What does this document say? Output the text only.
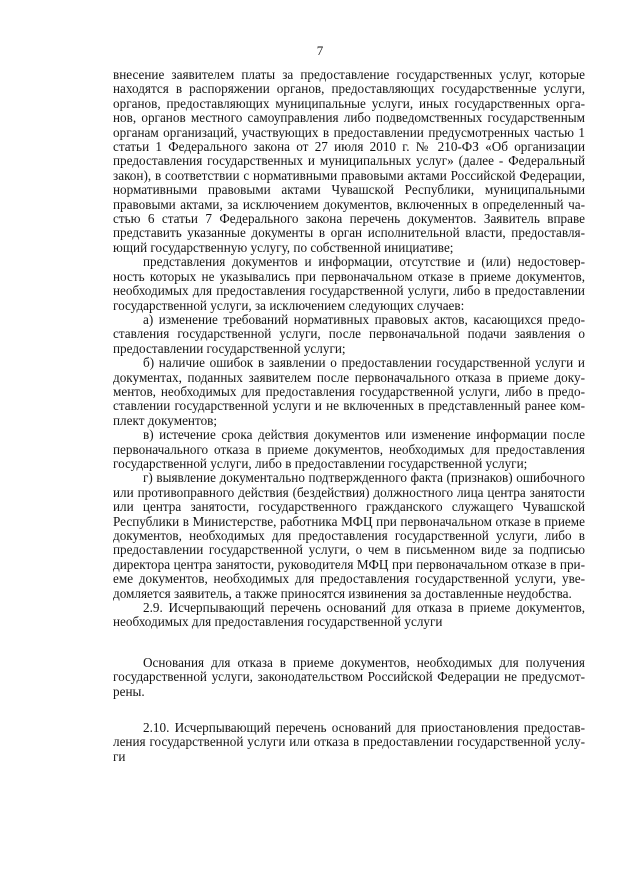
7

внесение заявителем платы за предоставление государственных услуг, которые находятся в распоряжении органов, предоставляющих государственные услуги, органов, предоставляющих муниципальные услуги, иных государственных органов, органов местного самоуправления либо подведомственных государственным органам организаций, участвующих в предоставлении предусмотренных частью 1 статьи 1 Федерального закона от 27 июля 2010 г. № 210-ФЗ «Об организации предоставления государственных и муниципальных услуг» (далее - Федеральный закон), в соответствии с нормативными правовыми актами Российской Федерации, нормативными правовыми актами Чувашской Республики, муниципальными правовыми актами, за исключением документов, включенных в определенный частью 6 статьи 7 Федерального закона перечень документов. Заявитель вправе представить указанные документы в орган исполнительной власти, предоставляющий государственную услугу, по собственной инициативе;

представления документов и информации, отсутствие и (или) недостоверность которых не указывались при первоначальном отказе в приеме документов, необходимых для предоставления государственной услуги, либо в предоставлении государственной услуги, за исключением следующих случаев:

а) изменение требований нормативных правовых актов, касающихся предоставления государственной услуги, после первоначальной подачи заявления о предоставлении государственной услуги;

б) наличие ошибок в заявлении о предоставлении государственной услуги и документах, поданных заявителем после первоначального отказа в приеме документов, необходимых для предоставления государственной услуги, либо в предоставлении государственной услуги и не включенных в представленный ранее комплект документов;

в) истечение срока действия документов или изменение информации после первоначального отказа в приеме документов, необходимых для предоставления государственной услуги, либо в предоставлении государственной услуги;

г) выявление документально подтвержденного факта (признаков) ошибочного или противоправного действия (бездействия) должностного лица центра занятости или центра занятости, государственного гражданского служащего Чувашской Республики в Министерстве, работника МФЦ при первоначальном отказе в приеме документов, необходимых для предоставления государственной услуги, либо в предоставлении государственной услуги, о чем в письменном виде за подписью директора центра занятости, руководителя МФЦ при первоначальном отказе в приеме документов, необходимых для предоставления государственной услуги, уведомляется заявитель, а также приносятся извинения за доставленные неудобства.

2.9. Исчерпывающий перечень оснований для отказа в приеме документов, необходимых для предоставления государственной услуги

Основания для отказа в приеме документов, необходимых для получения государственной услуги, законодательством Российской Федерации не предусмотрены.

2.10. Исчерпывающий перечень оснований для приостановления предоставления государственной услуги или отказа в предоставлении государственной услуги
